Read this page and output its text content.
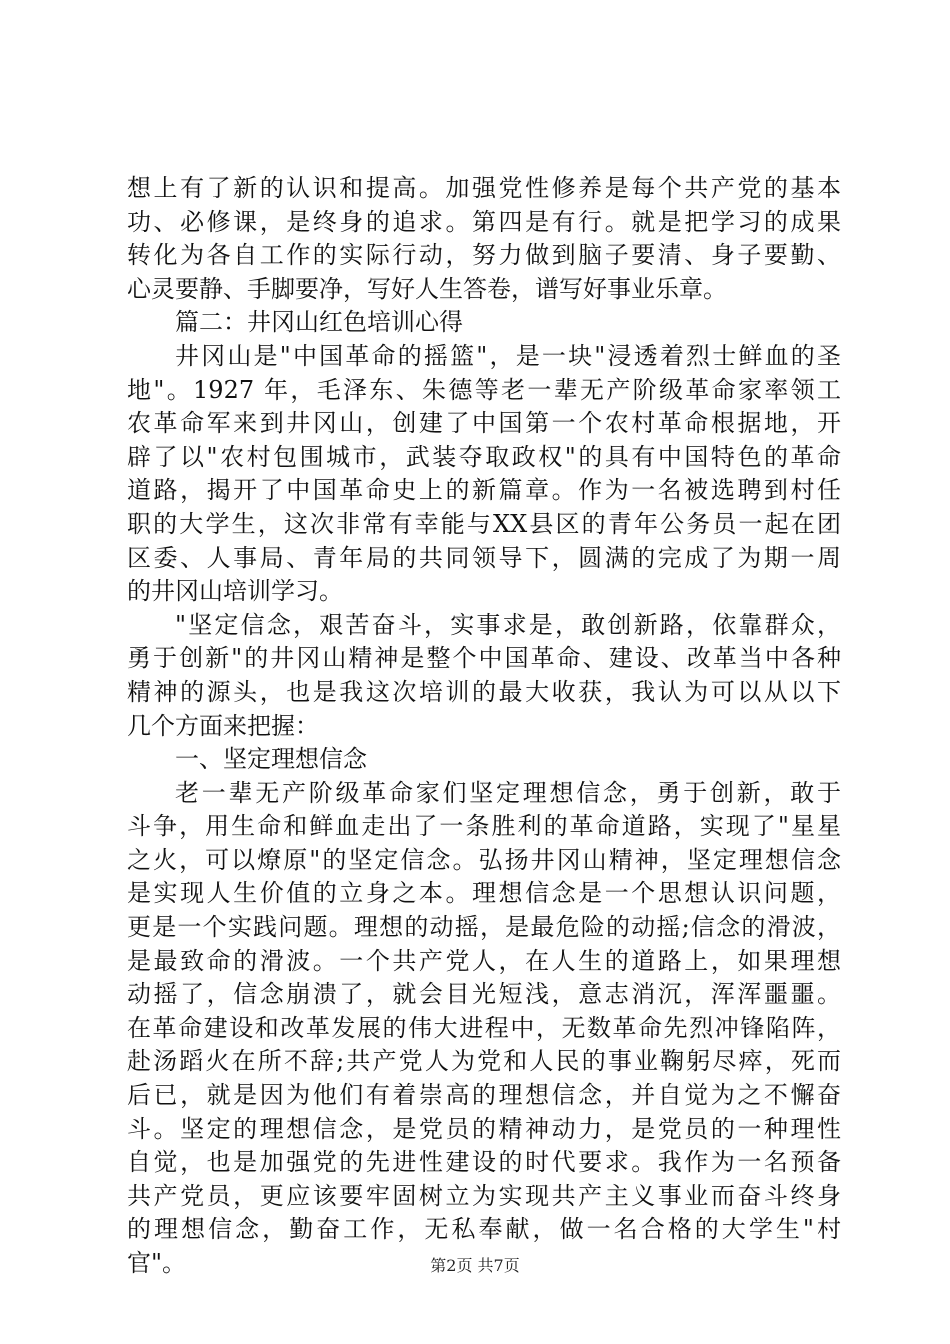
想上有了新的认识和提高。加强党性修养是每个共产党的基本
功、必修课，是终身的追求。第四是有行。就是把学习的成果
转化为各自工作的实际行动，努力做到脑子要清、身子要勤、
心灵要静、手脚要净，写好人生答卷，谱写好事业乐章。
篇二：井冈山红色培训心得
井冈山是"中国革命的摇篮"，是一块"浸透着烈士鲜血的圣
地"。1927 年，毛泽东、朱德等老一辈无产阶级革命家率领工
农革命军来到井冈山，创建了中国第一个农村革命根据地，开
辟了以"农村包围城市，武装夺取政权"的具有中国特色的革命
道路，揭开了中国革命史上的新篇章。作为一名被选聘到村任
职的大学生，这次非常有幸能与XX县区的青年公务员一起在团
区委、人事局、青年局的共同领导下，圆满的完成了为期一周
的井冈山培训学习。
"坚定信念，艰苦奋斗，实事求是，敢创新路，依靠群众，
勇于创新"的井冈山精神是整个中国革命、建设、改革当中各种
精神的源头，也是我这次培训的最大收获，我认为可以从以下
几个方面来把握：
一、坚定理想信念
老一辈无产阶级革命家们坚定理想信念，勇于创新，敢于
斗争，用生命和鲜血走出了一条胜利的革命道路，实现了"星星
之火，可以燎原"的坚定信念。弘扬井冈山精神，坚定理想信念
是实现人生价值的立身之本。理想信念是一个思想认识问题，
更是一个实践问题。理想的动摇，是最危险的动摇;信念的滑波，
是最致命的滑波。一个共产党人，在人生的道路上，如果理想
动摇了，信念崩溃了，就会目光短浅，意志消沉，浑浑噩噩。
在革命建设和改革发展的伟大进程中，无数革命先烈冲锋陷阵，
赴汤蹈火在所不辞;共产党人为党和人民的事业鞠躬尽瘁，死而
后已，就是因为他们有着崇高的理想信念，并自觉为之不懈奋
斗。坚定的理想信念，是党员的精神动力，是党员的一种理性
自觉，也是加强党的先进性建设的时代要求。我作为一名预备
共产党员，更应该要牢固树立为实现共产主义事业而奋斗终身
的理想信念，勤奋工作，无私奉献，做一名合格的大学生"村
官"。	第2页 共7页
